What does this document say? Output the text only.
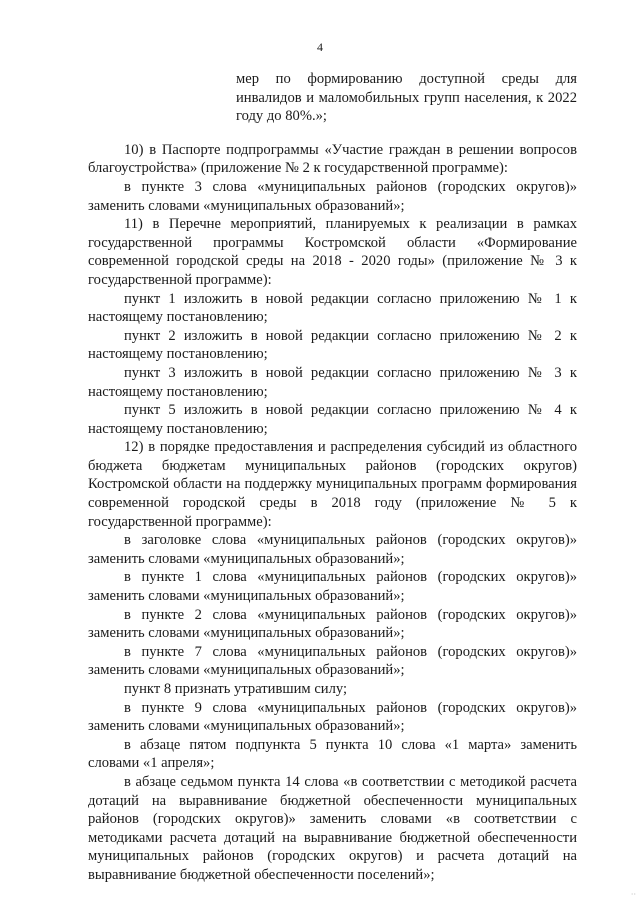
4

мер по формированию доступной среды для инвалидов и маломобильных групп населения, к 2022 году до 80%.»;

10) в Паспорте подпрограммы «Участие граждан в решении вопросов благоустройства» (приложение № 2 к государственной программе):

в пункте 3 слова «муниципальных районов (городских округов)» заменить словами «муниципальных образований»;

11) в Перечне мероприятий, планируемых к реализации в рамках государственной программы Костромской области «Формирование современной городской среды на 2018 - 2020 годы» (приложение № 3 к государственной программе):

пункт 1 изложить в новой редакции согласно приложению № 1 к настоящему постановлению;

пункт 2 изложить в новой редакции согласно приложению № 2 к настоящему постановлению;

пункт 3 изложить в новой редакции согласно приложению № 3 к настоящему постановлению;

пункт 5 изложить в новой редакции согласно приложению № 4 к настоящему постановлению;

12) в порядке предоставления и распределения субсидий из областного бюджета бюджетам муниципальных районов (городских округов) Костромской области на поддержку муниципальных программ формирования современной городской среды в 2018 году (приложение № 5 к государственной программе):

в заголовке слова «муниципальных районов (городских округов)» заменить словами «муниципальных образований»;

в пункте 1 слова «муниципальных районов (городских округов)» заменить словами «муниципальных образований»;

в пункте 2 слова «муниципальных районов (городских округов)» заменить словами «муниципальных образований»;

в пункте 7 слова «муниципальных районов (городских округов)» заменить словами «муниципальных образований»;

пункт 8 признать утратившим силу;

в пункте 9 слова «муниципальных районов (городских округов)» заменить словами «муниципальных образований»;

в абзаце пятом подпункта 5 пункта 10 слова «1 марта» заменить словами «1 апреля»;

в абзаце седьмом пункта 14 слова «в соответствии с методикой расчета дотаций на выравнивание бюджетной обеспеченности муниципальных районов (городских округов)» заменить словами «в соответствии с методиками расчета дотаций на выравнивание бюджетной обеспеченности муниципальных районов (городских округов) и расчета дотаций на выравнивание бюджетной обеспеченности поселений»;

··
